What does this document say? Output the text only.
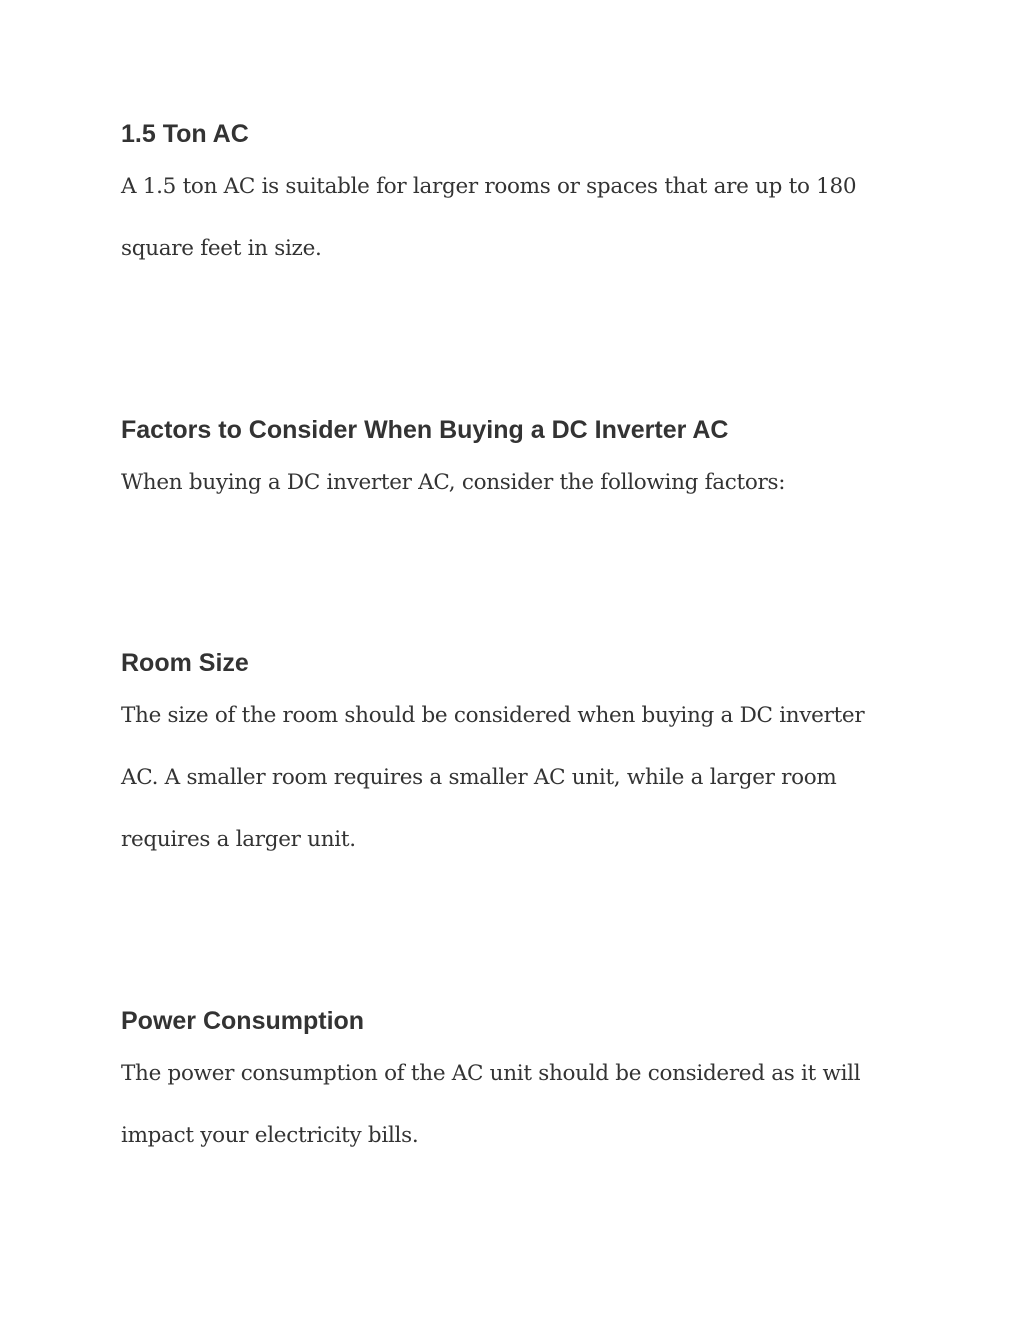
1.5 Ton AC

A 1.5 ton AC is suitable for larger rooms or spaces that are up to 180
square feet in size.

Factors to Consider When Buying a DC Inverter AC

When buying a DC inverter AC, consider the following factors:

Room Size

The size of the room should be considered when buying a DC inverter
AC. A smaller room requires a smaller AC unit, while a larger room
requires a larger unit.

Power Consumption

The power consumption of the AC unit should be considered as it will
impact your electricity bills.
